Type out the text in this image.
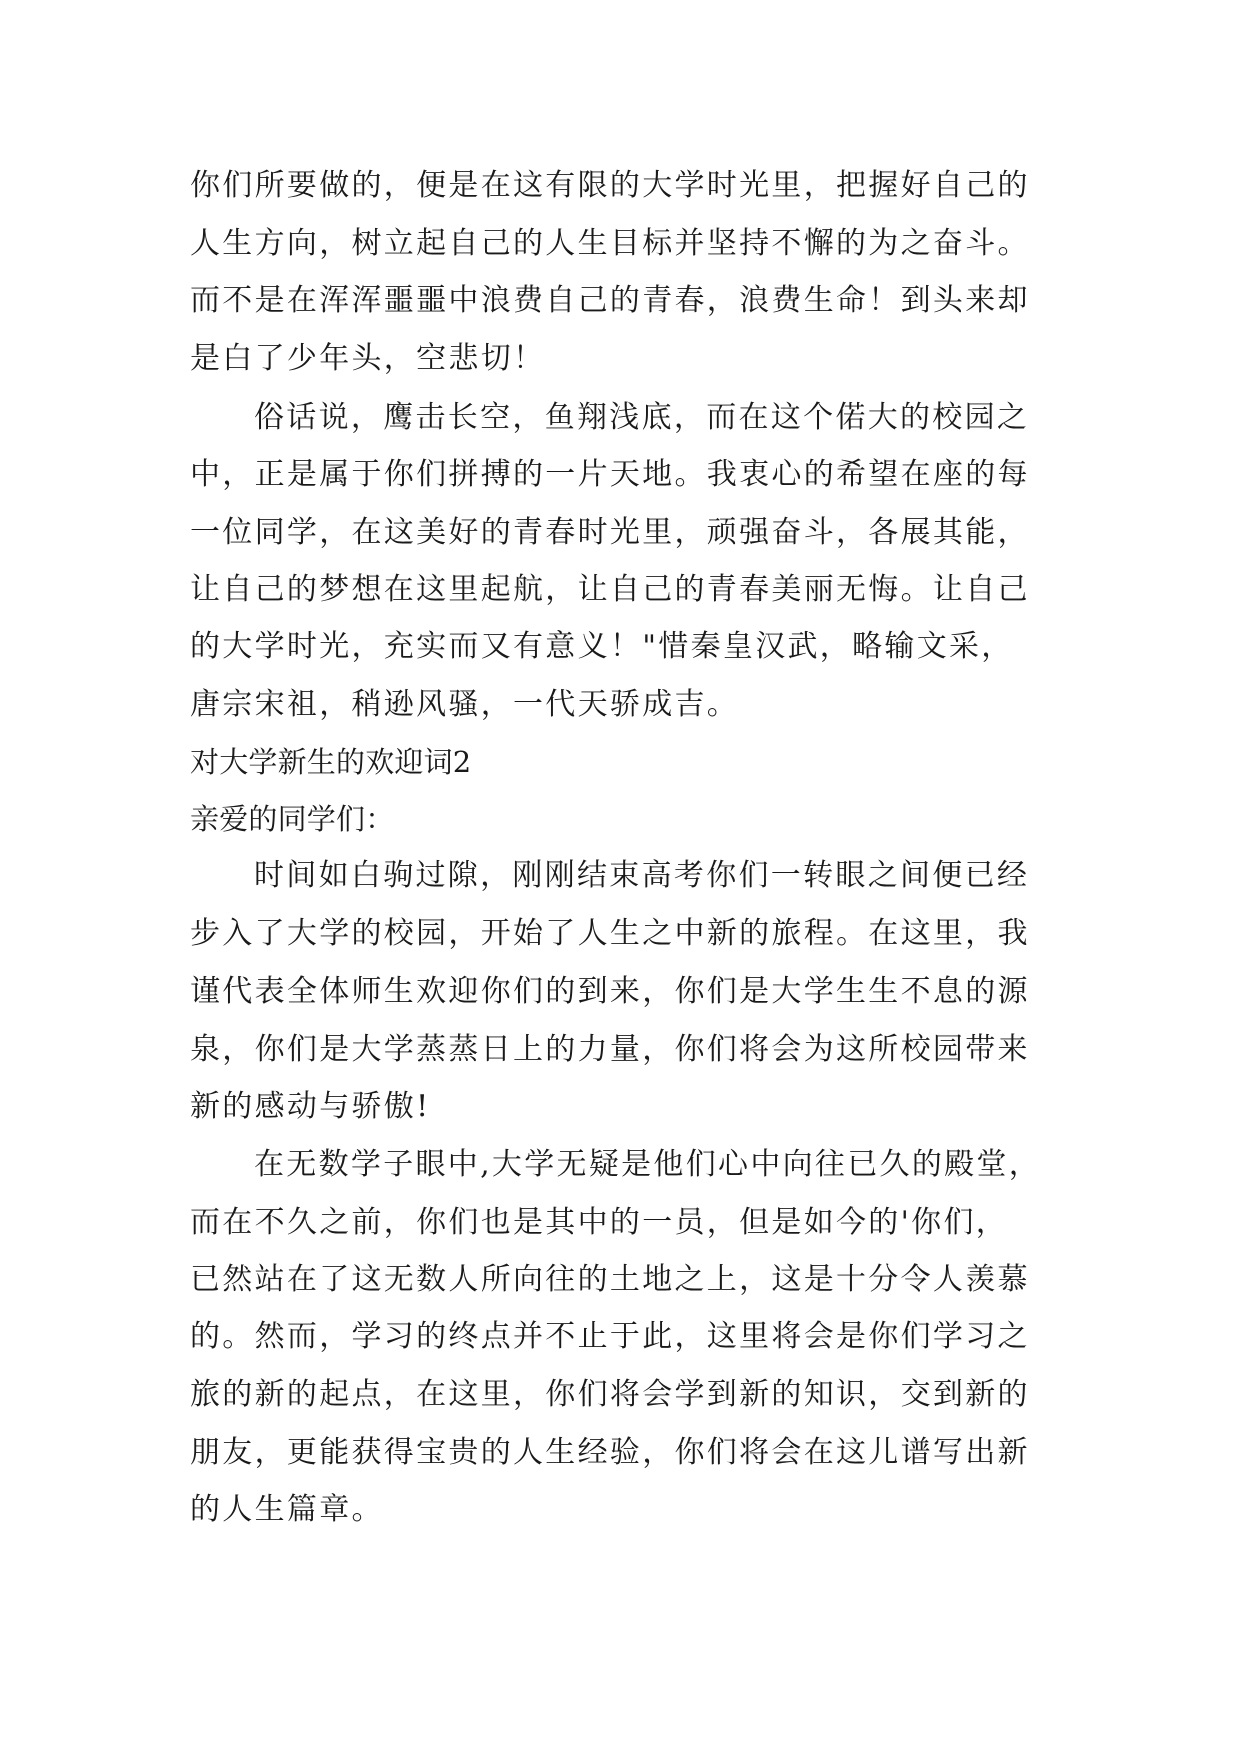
你们所要做的，便是在这有限的大学时光里，把握好自己的
人生方向，树立起自己的人生目标并坚持不懈的为之奋斗。
而不是在浑浑噩噩中浪费自己的青春，浪费生命！到头来却
是白了少年头，空悲切！
俗话说，鹰击长空，鱼翔浅底，而在这个偌大的校园之
中，正是属于你们拼搏的一片天地。我衷心的希望在座的每
一位同学，在这美好的青春时光里，顽强奋斗，各展其能，
让自己的梦想在这里起航，让自己的青春美丽无悔。让自己
的大学时光，充实而又有意义！"惜秦皇汉武，略输文采，
唐宗宋祖，稍逊风骚，一代天骄成吉。
对大学新生的欢迎词2
亲爱的同学们：
时间如白驹过隙，刚刚结束高考你们一转眼之间便已经
步入了大学的校园，开始了人生之中新的旅程。在这里，我
谨代表全体师生欢迎你们的到来，你们是大学生生不息的源
泉，你们是大学蒸蒸日上的力量，你们将会为这所校园带来
新的感动与骄傲!
在无数学子眼中,大学无疑是他们心中向往已久的殿堂，
而在不久之前，你们也是其中的一员，但是如今的'你们，
已然站在了这无数人所向往的土地之上，这是十分令人羡慕
的。然而，学习的终点并不止于此，这里将会是你们学习之
旅的新的起点，在这里，你们将会学到新的知识，交到新的
朋友，更能获得宝贵的人生经验，你们将会在这儿谱写出新
的人生篇章。
